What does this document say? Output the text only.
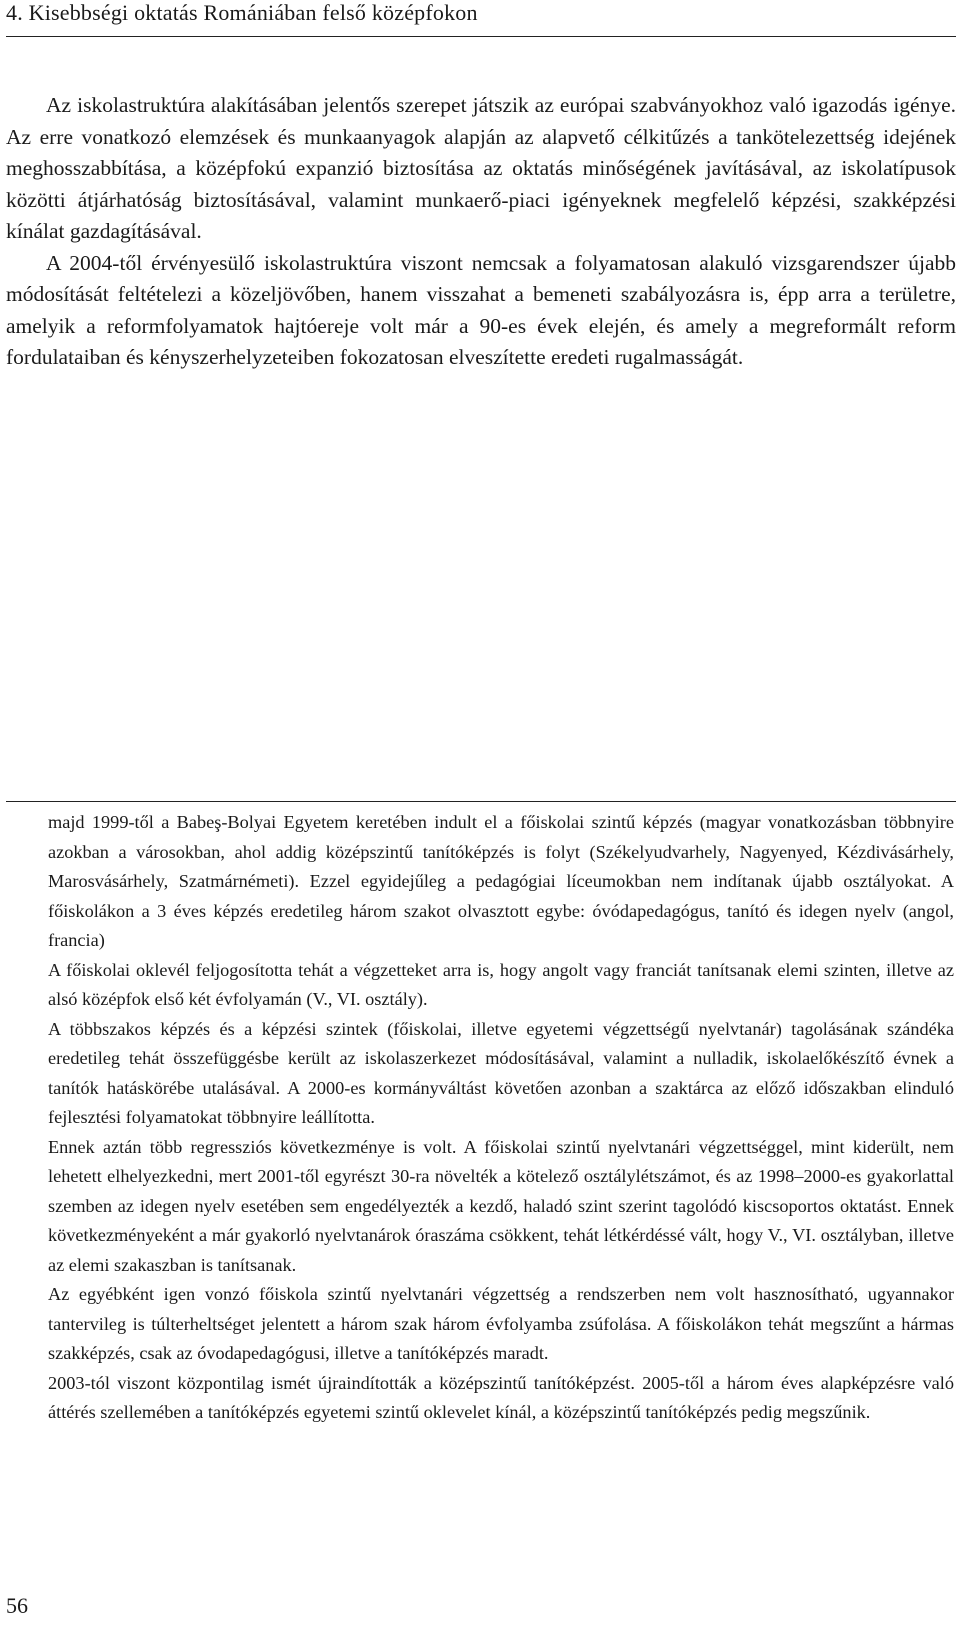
4. Kisebbségi oktatás Romániában felső középfokon

Az iskolastruktúra alakításában jelentős szerepet játszik az európai szabványokhoz való igazodás igénye. Az erre vonatkozó elemzések és munkaanyagok alapján az alapvető célkitűzés a tankötelezettség idejének meghosszabbítása, a középfokú expanzió biztosítása az oktatás minőségének javításával, az iskolatípusok közötti átjárhatóság biztosításával, valamint munkaerő-piaci igényeknek megfelelő képzési, szakképzési kínálat gazdagításával.

A 2004-től érvényesülő iskolastruktúra viszont nemcsak a folyamatosan alakuló vizsgarendszer újabb módosítását feltételezi a közeljövőben, hanem visszahat a bemeneti szabályozásra is, épp arra a területre, amelyik a reformfolyamatok hajtóereje volt már a 90-es évek elején, és amely a megreformált reform fordulataiban és kényszerhelyzeteiben fokozatosan elveszítette eredeti rugalmasságát.

majd 1999-től a Babeş-Bolyai Egyetem keretében indult el a főiskolai szintű képzés (magyar vonatkozásban többnyire azokban a városokban, ahol addig középszintű tanítóképzés is folyt (Székelyudvarhely, Nagyenyed, Kézdivásárhely, Marosvásárhely, Szatmárnémeti). Ezzel egyidejűleg a pedagógiai líceumokban nem indítanak újabb osztályokat. A főiskolákon a 3 éves képzés eredetileg három szakot olvasztott egybe: óvódapedagógus, tanító és idegen nyelv (angol, francia)

A főiskolai oklevél feljogosította tehát a végzetteket arra is, hogy angolt vagy franciát tanítsanak elemi szinten, illetve az alsó középfok első két évfolyamán (V., VI. osztály).

A többszakos képzés és a képzési szintek (főiskolai, illetve egyetemi végzettségű nyelvtanár) tagolásának szándéka eredetileg tehát összefüggésbe került az iskolaszerkezet módosításával, valamint a nulladik, iskolaelőkészítő évnek a tanítók hatáskörébe utalásával. A 2000-es kormányváltást követően azonban a szaktárca az előző időszakban elinduló fejlesztési folyamatokat többnyire leállította.

Ennek aztán több regressziós következménye is volt. A főiskolai szintű nyelvtanári végzettséggel, mint kiderült, nem lehetett elhelyezkedni, mert 2001-től egyrészt 30-ra növelték a kötelező osztálylétszámot, és az 1998–2000-es gyakorlattal szemben az idegen nyelv esetében sem engedélyezték a kezdő, haladó szint szerint tagolódó kiscsoportos oktatást. Ennek következményeként a már gyakorló nyelvtanárok óraszáma csökkent, tehát létkérdéssé vált, hogy V., VI. osztályban, illetve az elemi szakaszban is tanítsanak.

Az egyébként igen vonzó főiskola szintű nyelvtanári végzettség a rendszerben nem volt hasznosítható, ugyannakor tantervileg is túlterheltséget jelentett a három szak három évfolyamba zsúfolása. A főiskolákon tehát megszűnt a hármas szakképzés, csak az óvodapedagógusi, illetve a tanítóképzés maradt.

2003-tól viszont központilag ismét újraindították a középszintű tanítóképzést. 2005-től a három éves alapképzésre való áttérés szellemében a tanítóképzés egyetemi szintű oklevelet kínál, a középszintű tanítóképzés pedig megszűnik.

56
